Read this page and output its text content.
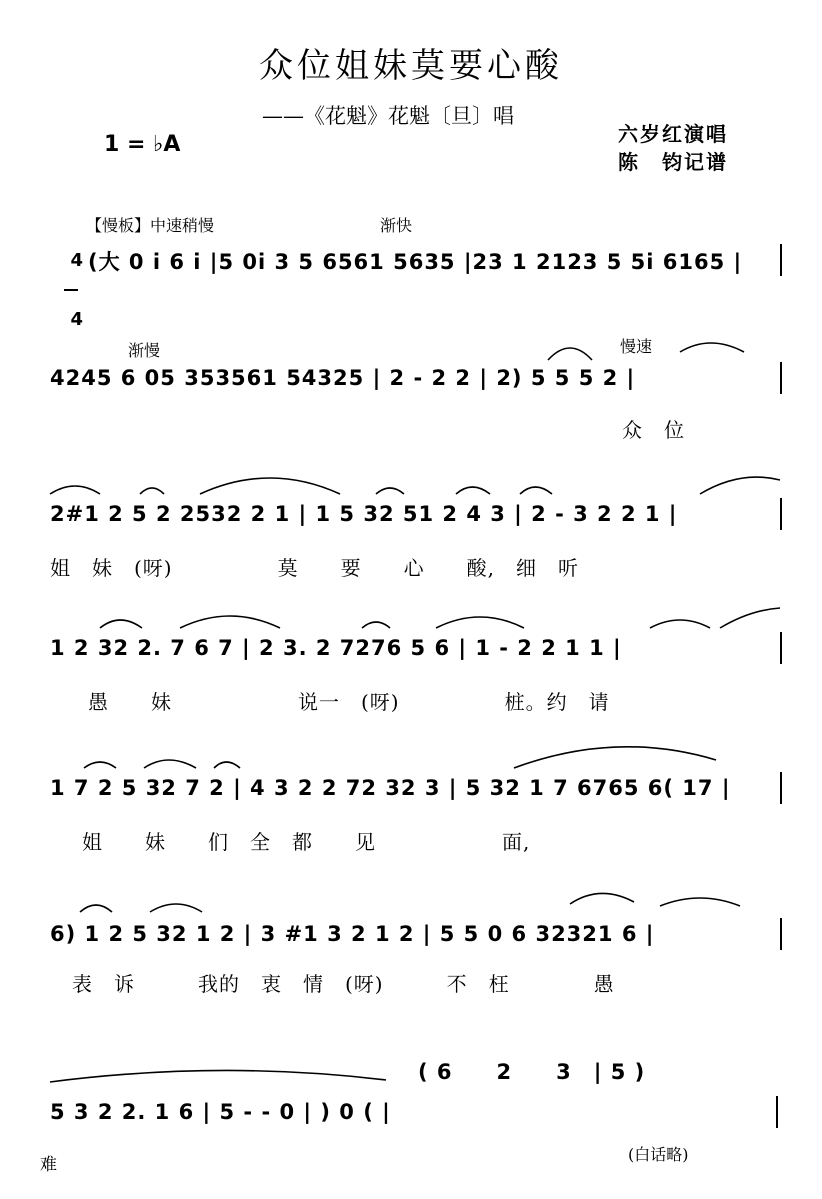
众位姐妹莫要心酸
——《花魁》花魁〔旦〕唱
六岁红演唱
陈　钧记谱
1 = ♭A

4

4

【慢板】中速稍慢	渐快
(大 0 i 6 i |5 0i 3 5 6561 5635 |23 1 2123 5 5i 6165 |
渐慢	慢速
4245 6 05 353561 54325 | 2 - 2 2 | 2) 5 5 5 2 |
众　位
2#1 2 5 2 2532 2 1 | 1 5 32 51 2 4 3 | 2 - 3 2 2 1 |
姐　妹　(呀)　　　　　莫　　要　　心　　酸,　细　听
1 2 32 2. 7 6 7 | 2 3. 2 7276 5 6 | 1 - 2 2 1 1 |
愚　　妹　　　　　　说一　(呀)　　　　　桩。约　请
1 7 2 5 32 7 2 | 4 3 2 2 72 32 3 | 5 32 1 7 6765 6( 17 |
姐　　妹　　们　全　都　　见　　　　　　面,
6) 1 2 5 32 1 2 | 3 #1 3 2 1 2 | 5 5 0 6 32321 6 |
表　诉　　　我的　衷　情　(呀)　　　不　枉　　　　愚
( 6　　2　　3　| 5 )
5 3 2 2. 1 6 | 5 - - 0 | ) 0 ( |
难
(白话略)
